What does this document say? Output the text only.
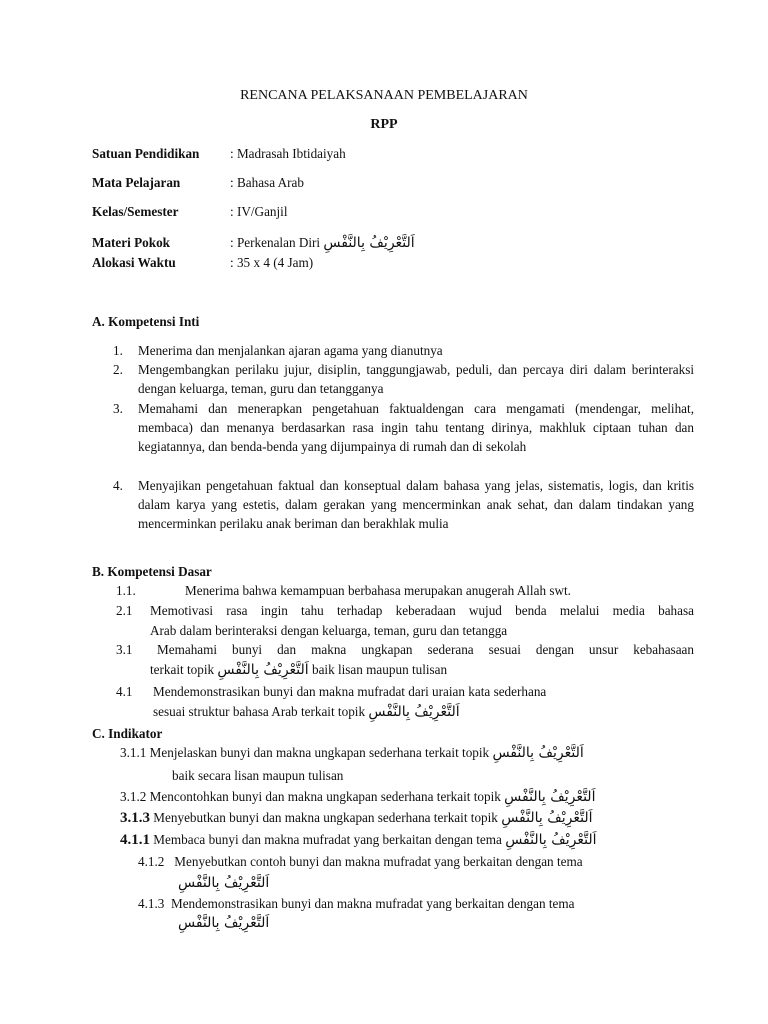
RENCANA PELAKSANAAN PEMBELAJARAN
RPP
Satuan Pendidikan : Madrasah Ibtidaiyah
Mata Pelajaran	: Bahasa Arab
Kelas/Semester	: IV/Ganjil
Materi Pokok	: Perkenalan Diri اَلتَّعْرِيْفُ بِالنَّفْسِ
Alokasi Waktu	: 35 x 4 (4 Jam)
A. Kompetensi Inti
1. Menerima dan menjalankan ajaran agama yang dianutnya
2. Mengembangkan perilaku jujur, disiplin, tanggungjawab, peduli, dan percaya diri dalam berinteraksi dengan keluarga, teman, guru dan tetangganya
3. Memahami dan menerapkan pengetahuan faktualdengan cara mengamati (mendengar, melihat, membaca) dan menanya berdasarkan rasa ingin tahu tentang dirinya, makhluk ciptaan tuhan dan kegiatannya, dan benda-benda yang dijumpainya di rumah dan di sekolah
4. Menyajikan pengetahuan faktual dan konseptual dalam bahasa yang jelas, sistematis, logis, dan kritis dalam karya yang estetis, dalam gerakan yang mencerminkan anak sehat, dan dalam tindakan yang mencerminkan perilaku anak beriman dan berakhlak mulia
B. Kompetensi Dasar
1.1.	Menerima bahwa kemampuan berbahasa merupakan anugerah Allah swt.
2.1 Memotivasi rasa ingin tahu terhadap keberadaan wujud benda melalui media bahasa
Arab dalam berinteraksi dengan keluarga, teman, guru dan tetangga
3.1 Memahami bunyi dan makna ungkapan sederana sesuai dengan unsur kebahasaan
terkait topik اَلتَّعْرِيْفُ بِالنَّفْسِ baik lisan maupun tulisan
4.1 Mendemonstrasikan bunyi dan makna mufradat dari uraian kata sederhana
sesuai struktur bahasa Arab terkait topik اَلتَّعْرِيْفُ بِالنَّفْسِ
C. Indikator
3.1.1 Menjelaskan bunyi dan makna ungkapan sederhana terkait topik اَلتَّعْرِيْفُ بِالنَّفْسِ
baik secara lisan maupun tulisan
3.1.2 Mencontohkan bunyi dan makna ungkapan sederhana terkait topik اَلتَّعْرِيْفُ بِالنَّفْسِ
3.1.3 Menyebutkan bunyi dan makna ungkapan sederhana terkait topik اَلتَّعْرِيْفُ بِالنَّفْسِ
4.1.1 Membaca bunyi dan makna mufradat yang berkaitan dengan tema اَلتَّعْرِيْفُ بِالنَّفْسِ
4.1.2 Menyebutkan contoh bunyi dan makna mufradat yang berkaitan dengan tema
اَلتَّعْرِيْفُ بِالنَّفْسِ
4.1.3 Mendemonstrasikan bunyi dan makna mufradat yang berkaitan dengan tema
اَلتَّعْرِيْفُ بِالنَّفْسِ
